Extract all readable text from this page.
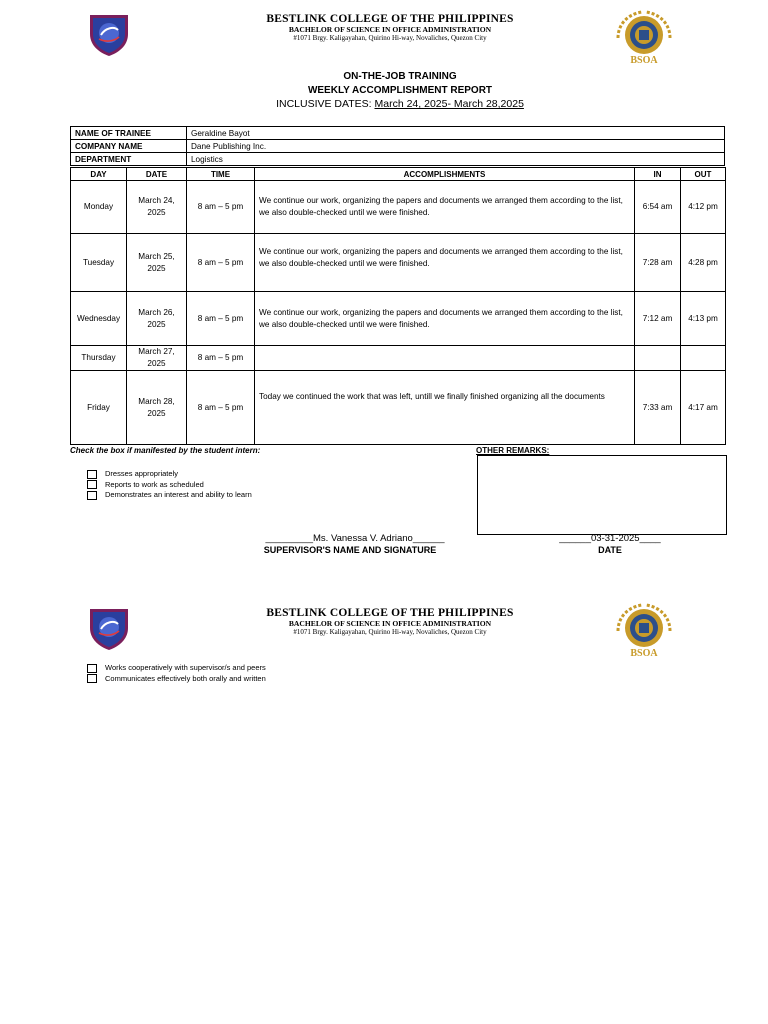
BESTLINK COLLEGE OF THE PHILIPPINES
BACHELOR OF SCIENCE IN OFFICE ADMINISTRATION
#1071 Brgy. Kaligayahan, Quirino Hi-way, Novaliches, Quezon City
BSOA
ON-THE-JOB TRAINING
WEEKLY ACCOMPLISHMENT REPORT
INCLUSIVE DATES: March 24, 2025- March 28,2025
NAME OF TRAINEE	Geraldine Bayot
COMPANY NAME	Dane Publishing Inc.
DEPARTMENT	Logistics
DAY	DATE	TIME	ACCOMPLISHMENTS	IN	OUT
Monday	March 24, 2025	8 am – 5 pm	We continue our work, organizing the papers and documents we arranged them according to the list, we also double-checked until we were finished.	6:54 am	4:12 pm
Tuesday	March 25, 2025	8 am – 5 pm	We continue our work, organizing the papers and documents we arranged them according to the list, we also double-checked until we were finished.	7:28 am	4:28 pm
Wednesday	March 26, 2025	8 am – 5 pm	We continue our work, organizing the papers and documents we arranged them according to the list, we also double-checked until we were finished.	7:12 am	4:13 pm
Thursday	March 27, 2025	8 am – 5 pm			
Friday	March 28, 2025	8 am – 5 pm	Today we continued the work that was left, untill we finally finished organizing all the documents	7:33 am	4:17 am
Check the box if manifested by the student intern:
Dresses appropriately
Reports to work as scheduled
Demonstrates an interest and ability to learn
OTHER REMARKS:
_________Ms. Vanessa V. Adriano______
SUPERVISOR'S NAME AND SIGNATURE
______03-31-2025____
DATE
BESTLINK COLLEGE OF THE PHILIPPINES
BACHELOR OF SCIENCE IN OFFICE ADMINISTRATION
#1071 Brgy. Kaligayahan, Quirino Hi-way, Novaliches, Quezon City
BSOA
Works cooperatively with supervisor/s and peers
Communicates effectively both orally and written
